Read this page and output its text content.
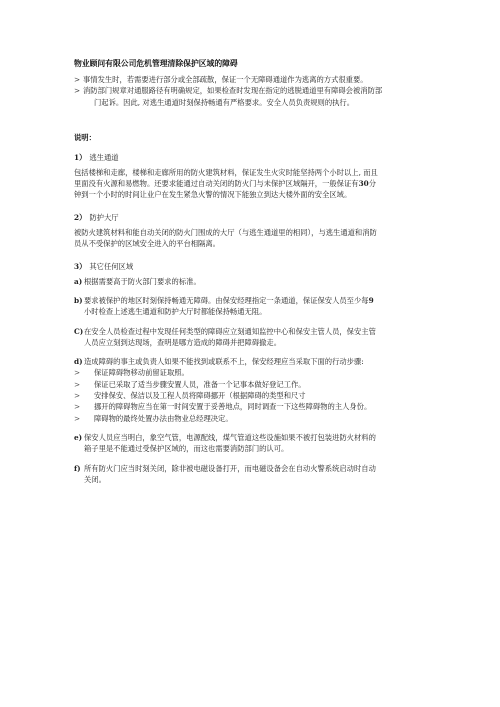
物业顾问有限公司危机管理清除保护区域的障碍
> 事情发生时，若需要进行部分或全部疏散，保证一个无障碍通道作为逃离的方式很重要。
> 消防部门规章对通服路径有明确规定，如果检查时发现在指定的逃脱通道里有障碍会被消防部
门起诉。因此, 对逃生通道时刻保持畅通有严格要求。安全人员负责规则的执行。
说明：
1） 逃生通道
包括楼梯和走廊，楼梯和走廊所用的防火建筑材料，保证发生火灾时能坚持两个小时以上, 而且
里面没有火源和易燃物。还要求能通过自动关闭的防火门与未保护区域隔开，一般保证有30分
钟到一个小时的时间让业户在发生紧急火警的情况下能独立到达大楼外面的安全区域。
2） 防护大厅
被防火建筑材料和能自动关闭的防火门围成的大厅（与逃生通道里的相同），与逃生通道和消防
员从不受保护的区域安全进入的平台相隔离。
3） 其它任何区域
a) 根据需要高于防火部门要求的标准。
b) 要求被保护的地区时刻保持畅通无障碍。由保安经理指定一条通道，保证保安人员至少每9
小时检查上述逃生通道和防护大厅时都能保持畅通无阻。
C) 在安全人员检查过程中发现任何类型的障碍应立刻通知监控中心和保安主管人员，保安主管
人员应立刻到达现场，查明是哪方造成的障碍并把障碍撤走。
d) 造成障碍的事主或负责人如果不能找到或联系不上，保安经理应当采取下面的行动步骤:
>	保证障碍物移动前留证取照。
>	保证已采取了适当步骤安置人员，准备一个记事本做好登记工作。
>	安排保安、保洁以及工程人员将障碍挪开（根据障碍的类型和尺寸
>	挪开的障碍物应当在第一时间安置于妥善地点，同时调查一下这些障碍物的主人身份。
>	障碍物的最终处置办法由物业总经理决定。
e) 保安人员应当明白，象空气管，电源配线，煤气管道这些设施如果不被打包装进防火材料的
箱子里是不能通过受保护区域的，而这也需要消防部门的认可。
f) 所有防火门应当时刻关闭，除非被电磁设备打开，而电磁设备会在自动火警系统启动时自动
关闭。
